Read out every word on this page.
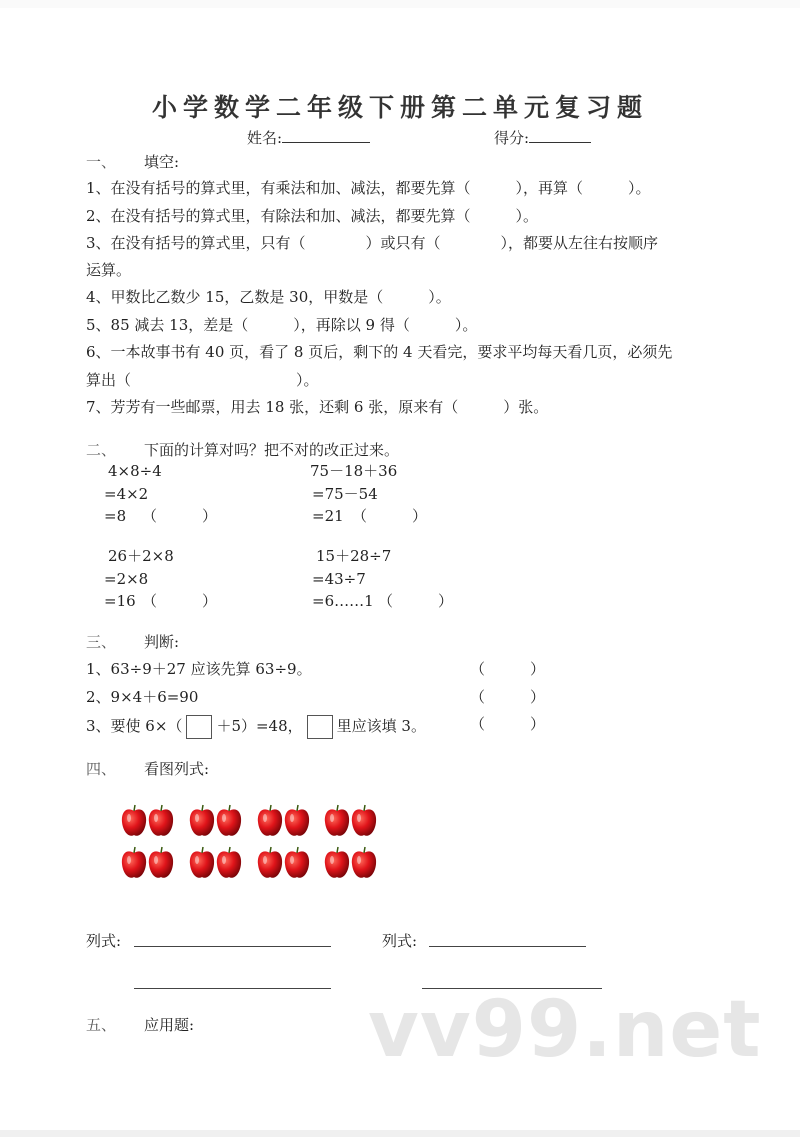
小学数学二年级下册第二单元复习题
姓名:	得分:
一、 填空:
1、在没有括号的算式里，有乘法和加、减法，都要先算（　　　），再算（　　　）。
2、在没有括号的算式里，有除法和加、减法，都要先算（　　　）。
3、在没有括号的算式里，只有（　　　　）或只有（　　　　），都要从左往右按顺序
运算。
4、甲数比乙数少 15，乙数是 30，甲数是（　　　）。
5、85 减去 13，差是（　　　），再除以 9 得（　　　）。
6、一本故事书有 40 页，看了 8 页后，剩下的 4 天看完，要求平均每天看几页，必须先
算出（　　　　　　　　　　　）。
7、芳芳有一些邮票，用去 18 张，还剩 6 张，原来有（　　　）张。
二、 下面的计算对吗？把不对的改正过来。
4×8÷4
=4×2
=8 （　　　）
75－18＋36
=75－54
=21 （　　　）
26＋2×8
=2×8
=16 （　　　）
15＋28÷7
=43÷7
=6……1 （　　　）
三、 判断:
1、63÷9＋27 应该先算 63÷9。	（　　　）
2、9×4＋6=90	（　　　）
3、要使 6×（ ＋5）=48， 里应该填 3。	（　　　）
四、 看图列式:
列式:	列式:
五、 应用题: vv99.net
